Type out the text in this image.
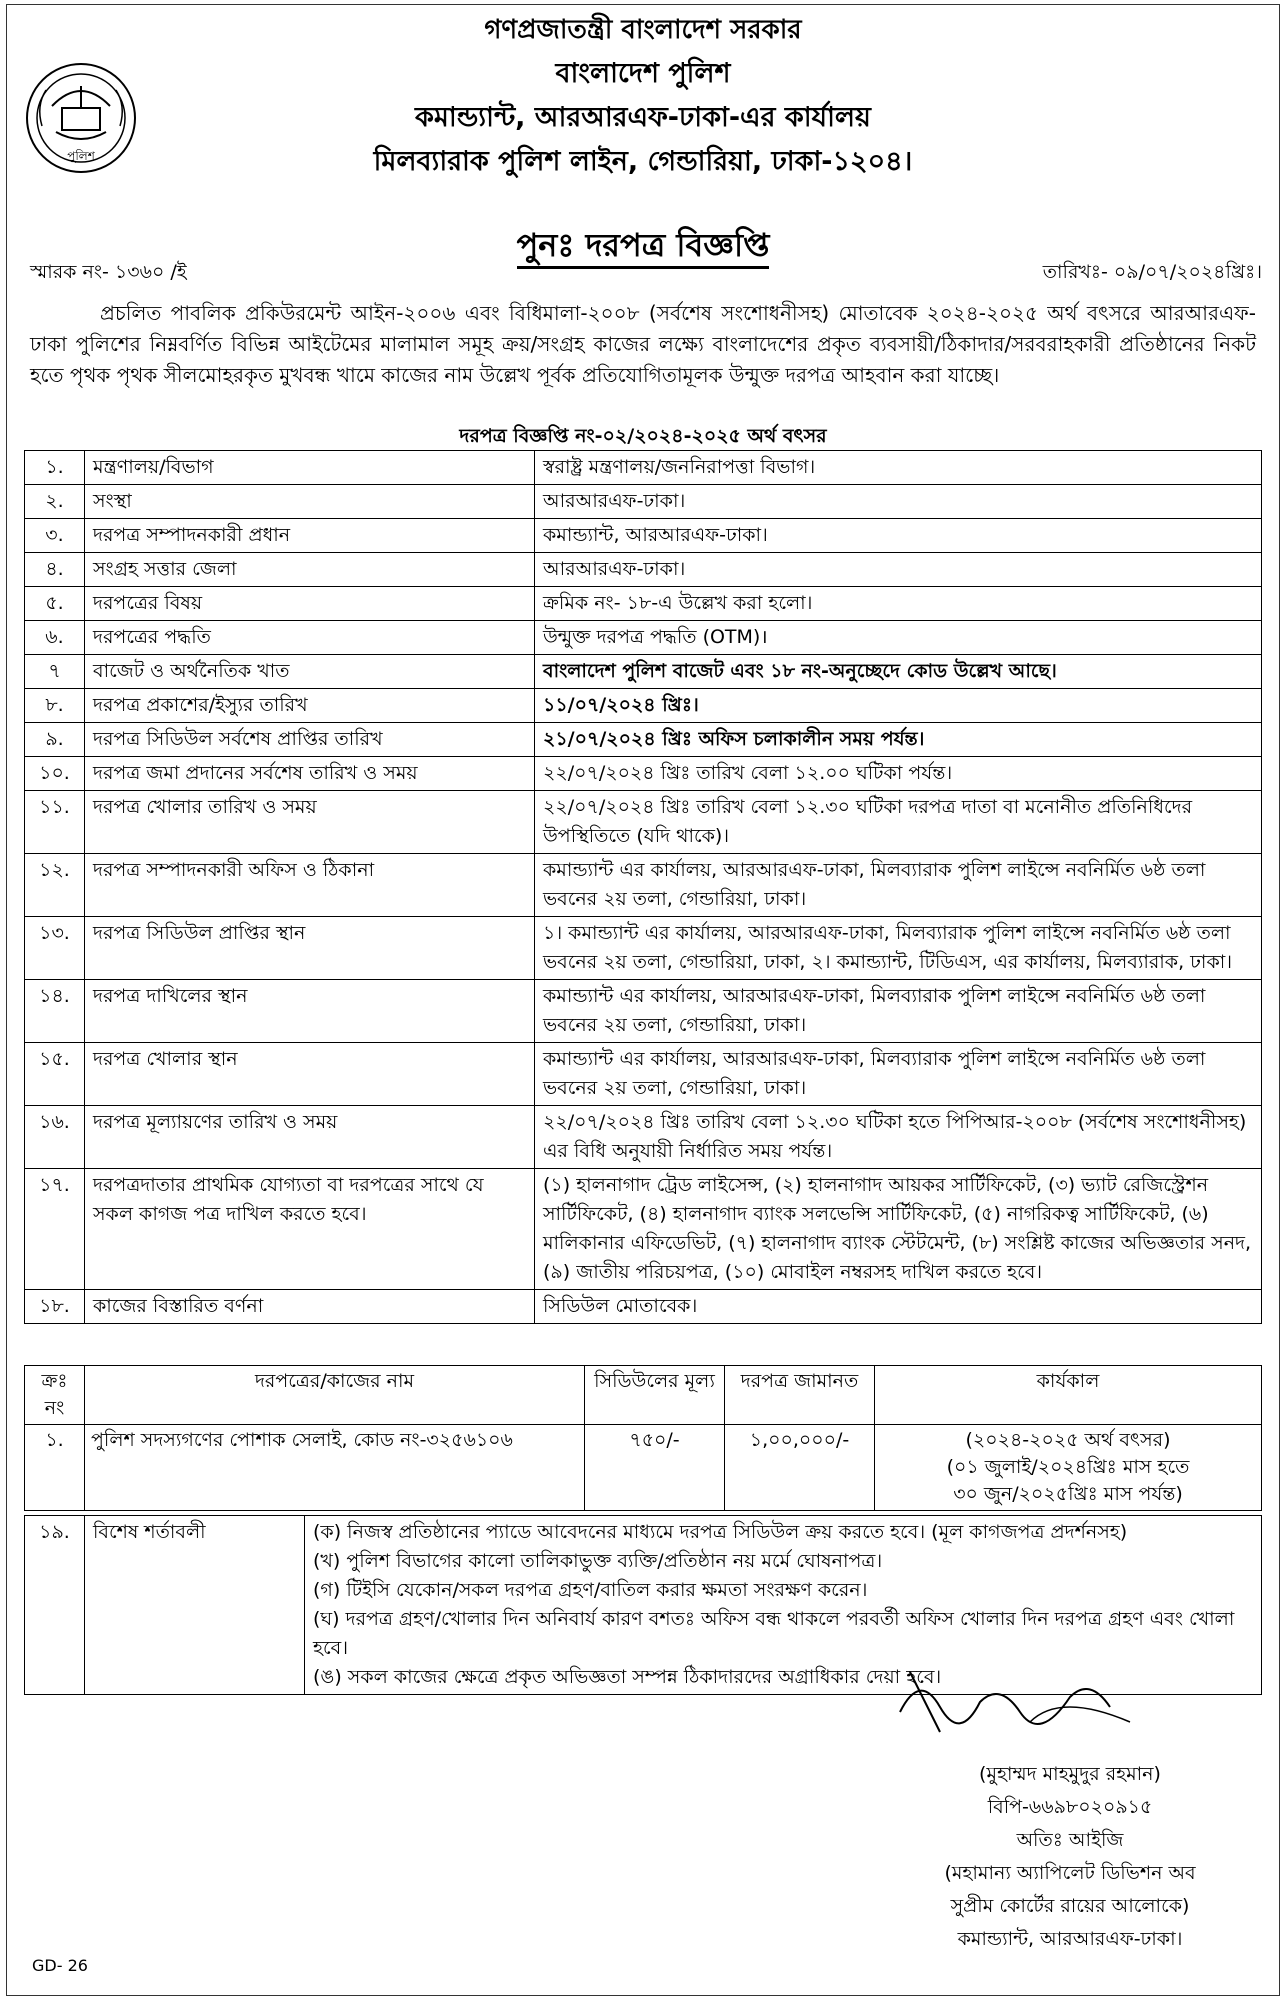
পুলিশ
গণপ্রজাতন্ত্রী বাংলাদেশ সরকার
বাংলাদেশ পুলিশ
কমান্ড্যান্ট, আরআরএফ-ঢাকা-এর কার্যালয়
মিলব্যারাক পুলিশ লাইন, গেন্ডারিয়া, ঢাকা-১২০৪।
পুনঃ দরপত্র বিজ্ঞপ্তি
স্মারক নং- ১৩৬০ /ই	তারিখঃ- ০৯/০৭/২০২৪খ্রিঃ।
প্রচলিত পাবলিক প্রকিউরমেন্ট আইন-২০০৬ এবং বিধিমালা-২০০৮ (সর্বশেষ সংশোধনীসহ) মোতাবেক ২০২৪-২০২৫ অর্থ বৎসরে আরআরএফ-ঢাকা পুলিশের নিম্নবর্ণিত বিভিন্ন আইটেমের মালামাল সমূহ ক্রয়/সংগ্রহ কাজের লক্ষ্যে বাংলাদেশের প্রকৃত ব্যবসায়ী/ঠিকাদার/সরবরাহকারী প্রতিষ্ঠানের নিকট হতে পৃথক পৃথক সীলমোহরকৃত মুখবন্ধ খামে কাজের নাম উল্লেখ পূর্বক প্রতিযোগিতামূলক উন্মুক্ত দরপত্র আহবান করা যাচ্ছে।
দরপত্র বিজ্ঞপ্তি নং-০২/২০২৪-২০২৫ অর্থ বৎসর
১.	মন্ত্রণালয়/বিভাগ	স্বরাষ্ট্র মন্ত্রণালয়/জননিরাপত্তা বিভাগ।
২.	সংস্থা	আরআরএফ-ঢাকা।
৩.	দরপত্র সম্পাদনকারী প্রধান	কমান্ড্যান্ট, আরআরএফ-ঢাকা।
৪.	সংগ্রহ সত্তার জেলা	আরআরএফ-ঢাকা।
৫.	দরপত্রের বিষয়	ক্রমিক নং- ১৮-এ উল্লেখ করা হলো।
৬.	দরপত্রের পদ্ধতি	উন্মুক্ত দরপত্র পদ্ধতি (OTM)।
৭	বাজেট ও অর্থনৈতিক খাত	বাংলাদেশ পুলিশ বাজেট এবং ১৮ নং-অনুচ্ছেদে কোড উল্লেখ আছে।
৮.	দরপত্র প্রকাশের/ইস্যুর তারিখ	১১/০৭/২০২৪ খ্রিঃ।
৯.	দরপত্র সিডিউল সর্বশেষ প্রাপ্তির তারিখ	২১/০৭/২০২৪ খ্রিঃ অফিস চলাকালীন সময় পর্যন্ত।
১০.	দরপত্র জমা প্রদানের সর্বশেষ তারিখ ও সময়	২২/০৭/২০২৪ খ্রিঃ তারিখ বেলা ১২.০০ ঘটিকা পর্যন্ত।
১১.	দরপত্র খোলার তারিখ ও সময়	২২/০৭/২০২৪ খ্রিঃ তারিখ বেলা ১২.৩০ ঘটিকা দরপত্র দাতা বা মনোনীত প্রতিনিধিদের উপস্থিতিতে (যদি থাকে)।
১২.	দরপত্র সম্পাদনকারী অফিস ও ঠিকানা	কমান্ড্যান্ট এর কার্যালয়, আরআরএফ-ঢাকা, মিলব্যারাক পুলিশ লাইন্সে নবনির্মিত ৬ষ্ঠ তলা ভবনের ২য় তলা, গেন্ডারিয়া, ঢাকা।
১৩.	দরপত্র সিডিউল প্রাপ্তির স্থান	১। কমান্ড্যান্ট এর কার্যালয়, আরআরএফ-ঢাকা, মিলব্যারাক পুলিশ লাইন্সে নবনির্মিত ৬ষ্ঠ তলা ভবনের ২য় তলা, গেন্ডারিয়া, ঢাকা, ২। কমান্ড্যান্ট, টিডিএস, এর কার্যালয়, মিলব্যারাক, ঢাকা।
১৪.	দরপত্র দাখিলের স্থান	কমান্ড্যান্ট এর কার্যালয়, আরআরএফ-ঢাকা, মিলব্যারাক পুলিশ লাইন্সে নবনির্মিত ৬ষ্ঠ তলা ভবনের ২য় তলা, গেন্ডারিয়া, ঢাকা।
১৫.	দরপত্র খোলার স্থান	কমান্ড্যান্ট এর কার্যালয়, আরআরএফ-ঢাকা, মিলব্যারাক পুলিশ লাইন্সে নবনির্মিত ৬ষ্ঠ তলা ভবনের ২য় তলা, গেন্ডারিয়া, ঢাকা।
১৬.	দরপত্র মূল্যায়ণের তারিখ ও সময়	২২/০৭/২০২৪ খ্রিঃ তারিখ বেলা ১২.৩০ ঘটিকা হতে পিপিআর-২০০৮ (সর্বশেষ সংশোধনীসহ) এর বিধি অনুযায়ী নির্ধারিত সময় পর্যন্ত।
১৭.	দরপত্রদাতার প্রাথমিক যোগ্যতা বা দরপত্রের সাথে যে সকল কাগজ পত্র দাখিল করতে হবে।	(১) হালনাগাদ ট্রেড লাইসেন্স, (২) হালনাগাদ আয়কর সার্টিফিকেট, (৩) ভ্যাট রেজিস্ট্রেশন সার্টিফিকেট, (৪) হালনাগাদ ব্যাংক সলভেন্সি সার্টিফিকেট, (৫) নাগরিকত্ব সার্টিফিকেট, (৬) মালিকানার এফিডেভিট, (৭) হালনাগাদ ব্যাংক স্টেটমেন্ট, (৮) সংশ্লিষ্ট কাজের অভিজ্ঞতার সনদ, (৯) জাতীয় পরিচয়পত্র, (১০) মোবাইল নম্বরসহ দাখিল করতে হবে।
১৮.	কাজের বিস্তারিত বর্ণনা	সিডিউল মোতাবেক।
ক্রঃ নং	দরপত্রের/কাজের নাম	সিডিউলের মূল্য	দরপত্র জামানত	কার্যকাল
১.	পুলিশ সদস্যগণের পোশাক সেলাই, কোড নং-৩২৫৬১০৬	৭৫০/-	১,০০,০০০/-	(২০২৪-২০২৫ অর্থ বৎসর)
(০১ জুলাই/২০২৪খ্রিঃ মাস হতে
৩০ জুন/২০২৫খ্রিঃ মাস পর্যন্ত)
১৯.	বিশেষ শর্তাবলী	(ক) নিজস্ব প্রতিষ্ঠানের প্যাডে আবেদনের মাধ্যমে দরপত্র সিডিউল ক্রয় করতে হবে। (মূল কাগজপত্র প্রদর্শনসহ)
(খ) পুলিশ বিভাগের কালো তালিকাভুক্ত ব্যক্তি/প্রতিষ্ঠান নয় মর্মে ঘোষনাপত্র।
(গ) টিইসি যেকোন/সকল দরপত্র গ্রহণ/বাতিল করার ক্ষমতা সংরক্ষণ করেন।
(ঘ) দরপত্র গ্রহণ/খোলার দিন অনিবার্য কারণ বশতঃ অফিস বন্ধ থাকলে পরবর্তী অফিস খোলার দিন দরপত্র গ্রহণ এবং খোলা হবে।
(ঙ) সকল কাজের ক্ষেত্রে প্রকৃত অভিজ্ঞতা সম্পন্ন ঠিকাদারদের অগ্রাধিকার দেয়া হবে।
(মুহাম্মদ মাহমুদুর রহমান)
বিপি-৬৬৯৮০২০৯১৫
অতিঃ আইজি
(মহামান্য অ্যাপিলেট ডিভিশন অব
সুপ্রীম কোর্টের রায়ের আলোকে)
কমান্ড্যান্ট, আরআরএফ-ঢাকা।
GD- 26
